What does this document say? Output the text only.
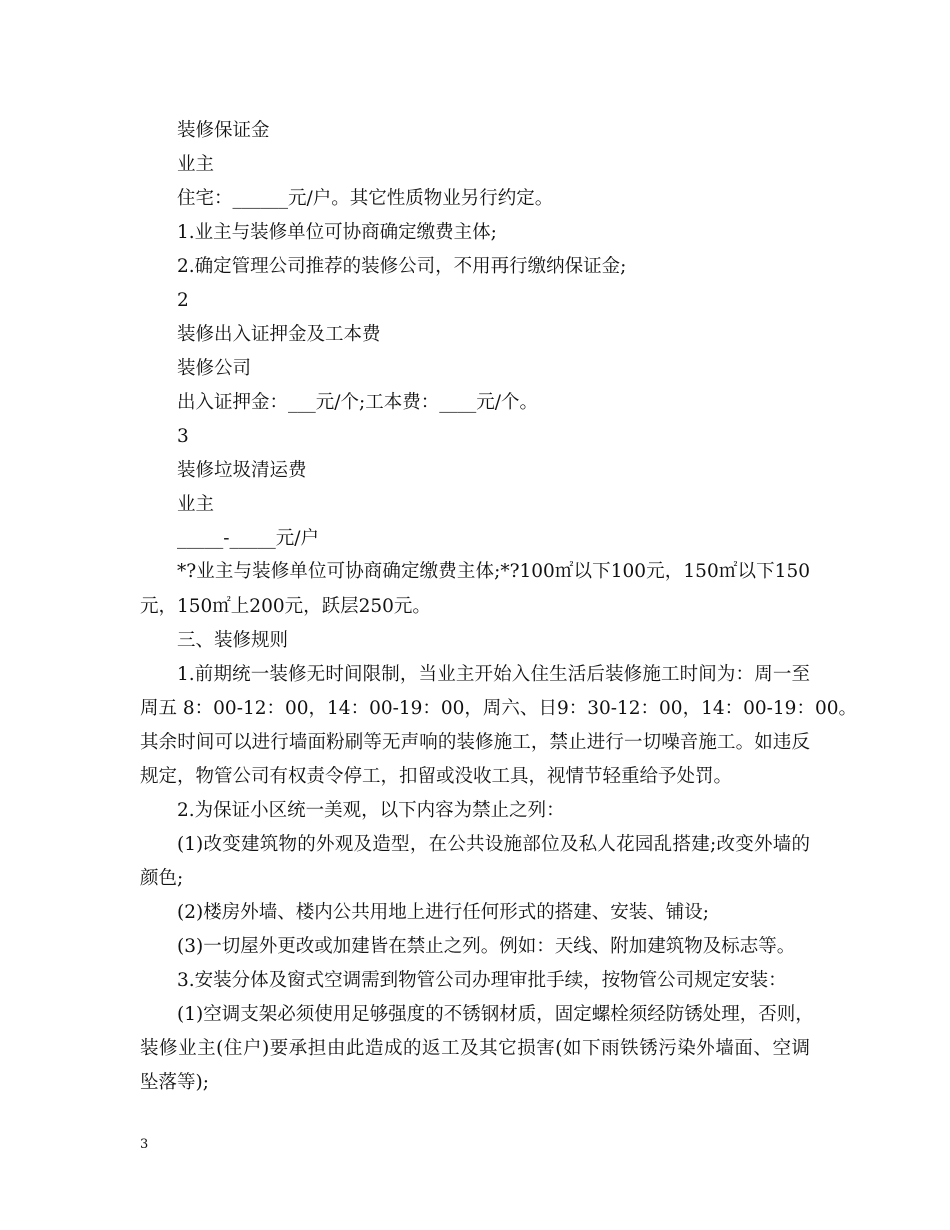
装修保证金
业主
住宅：______元/户。其它性质物业另行约定。
1.业主与装修单位可协商确定缴费主体;
2.确定管理公司推荐的装修公司，不用再行缴纳保证金;
2
装修出入证押金及工本费
装修公司
出入证押金：___元/个;工本费：____元/个。
3
装修垃圾清运费
业主
_____-_____元/户
*?业主与装修单位可协商确定缴费主体;*?100㎡以下100元，150㎡以下150
元，150㎡上200元，跃层250元。
三、装修规则
1.前期统一装修无时间限制，当业主开始入住生活后装修施工时间为：周一至
周五 8：00-12：00，14：00-19：00，周六、日9：30-12：00，14：00-19：00。
其余时间可以进行墙面粉刷等无声响的装修施工，禁止进行一切噪音施工。如违反
规定，物管公司有权责令停工，扣留或没收工具，视情节轻重给予处罚。
2.为保证小区统一美观，以下内容为禁止之列：
(1)改变建筑物的外观及造型，在公共设施部位及私人花园乱搭建;改变外墙的
颜色;
(2)楼房外墙、楼内公共用地上进行任何形式的搭建、安装、铺设;
(3)一切屋外更改或加建皆在禁止之列。例如：天线、附加建筑物及标志等。
3.安装分体及窗式空调需到物管公司办理审批手续，按物管公司规定安装：
(1)空调支架必须使用足够强度的不锈钢材质，固定螺栓须经防锈处理，否则，
装修业主(住户)要承担由此造成的返工及其它损害(如下雨铁锈污染外墙面、空调
坠落等);
3
